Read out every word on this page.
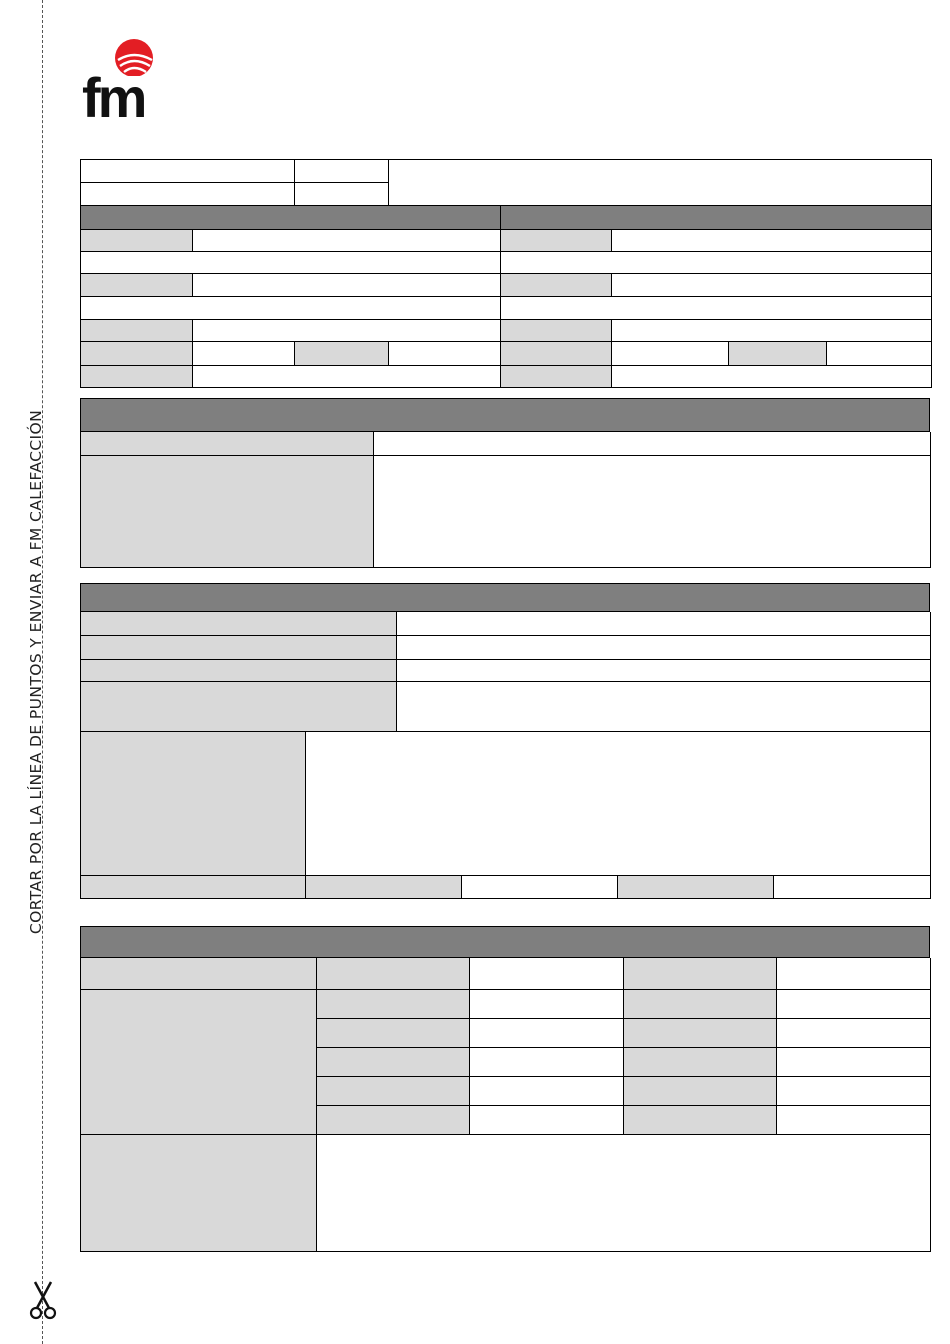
CORTAR POR LA LÍNEA DE PUNTOS Y ENVIAR A FM CALEFACCIÓN
fm
